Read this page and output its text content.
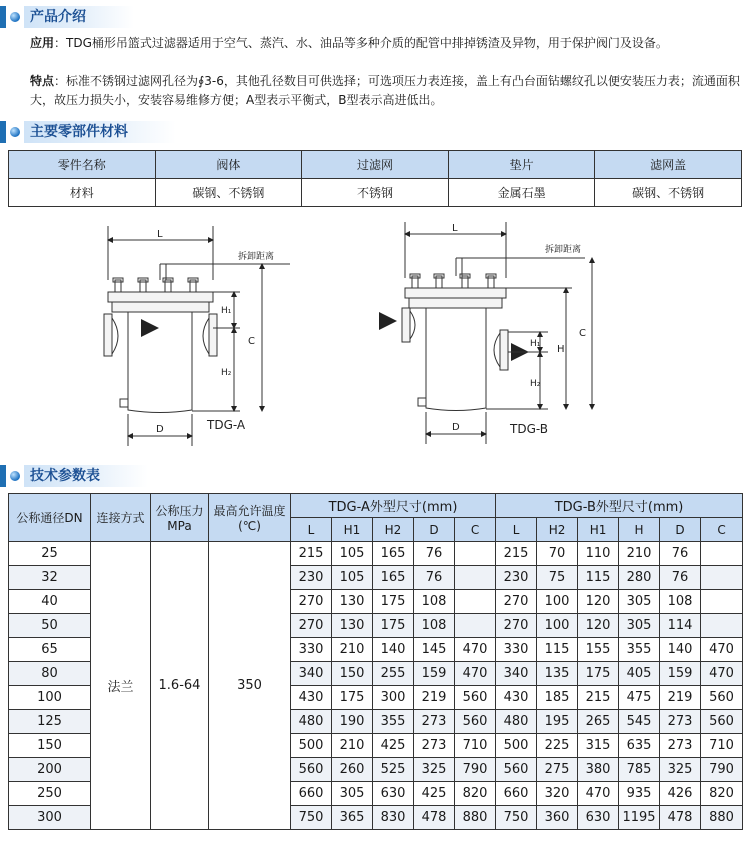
产品介绍
应用：TDG桶形吊篮式过滤器适用于空气、蒸汽、水、油品等多种介质的配管中排掉锈渣及异物，用于保护阀门及设备。
特点：标准不锈钢过滤网孔径为∮3-6，其他孔径数目可供选择；可选项压力表连接，盖上有凸台面钻螺纹孔以便安装压力表；流通面积大，故压力损失小，安装容易维修方便；A型表示平衡式，B型表示高进低出。
主要零部件材料
零件名称	阀体	过滤网	垫片	滤网盖
材料	碳钢、不锈钢	不锈钢	金属石墨	碳钢、不锈钢
L
拆卸距离
H₁
H₂
C
D	TDG-A
L
拆卸距离
H₁
H₂
H
C
D	TDG-B
技术参数表
公称通径DN	连接方式	公称压力MPa	最高允许温度(℃)	TDG-A外型尺寸(mm)					TDG-B外型尺寸(mm)					
				L	H1	H2	D	C	L	H2	H1	H	D	C
25	法兰	1.6-64	350	215	105	165	76		215	70	110	210	76	
32				230	105	165	76		230	75	115	280	76	
40				270	130	175	108		270	100	120	305	108	
50				270	130	175	108		270	100	120	305	114	
65				330	210	140	145	470	330	115	155	355	140	470
80				340	150	255	159	470	340	135	175	405	159	470
100				430	175	300	219	560	430	185	215	475	219	560
125				480	190	355	273	560	480	195	265	545	273	560
150				500	210	425	273	710	500	225	315	635	273	710
200				560	260	525	325	790	560	275	380	785	325	790
250				660	305	630	425	820	660	320	470	935	426	820
300				750	365	830	478	880	750	360	630	1195	478	880
